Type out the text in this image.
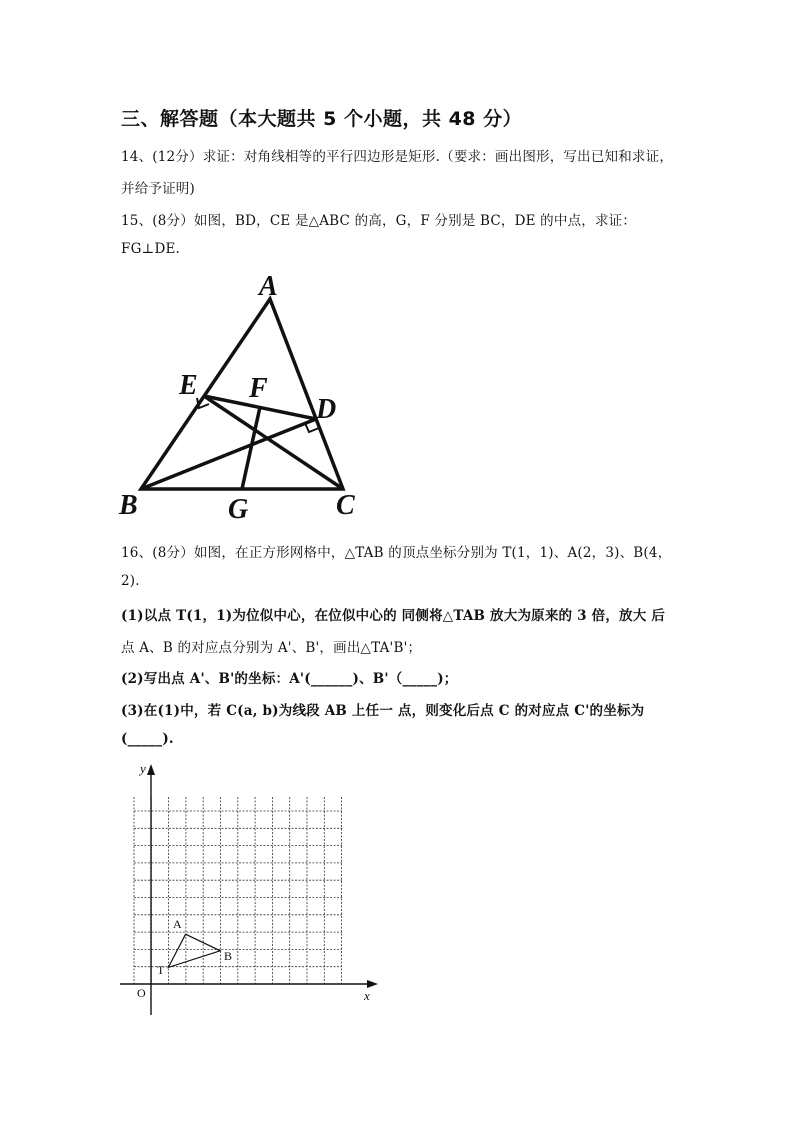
三、解答题（本大题共 5 个小题，共 48 分）
14、(12分）求证：对角线相等的平行四边形是矩形.（要求：画出图形，写出已知和求证，
并给予证明)
15、(8分）如图，BD，CE 是△ABC 的高，G，F 分别是 BC，DE 的中点，求证：
FG⊥DE.
A
E F
D
B	G	C
16、(8分）如图，在正方形网格中，△TAB 的顶点坐标分别为 T(1，1)、A(2，3)、B(4，
2).
(1)以点 T(1，1)为位似中心，在位似中心的 同侧将△TAB 放大为原来的 3 倍，放大 后
点 A、B 的对应点分别为 A'、B'，画出△TA'B'；
(2)写出点 A'、B'的坐标：A'(______)、B'（_____)；
(3)在(1)中，若 C(a, b)为线段 AB 上任一 点，则变化后点 C 的对应点 C'的坐标为
(_____).
y
x
O
T
A
B
